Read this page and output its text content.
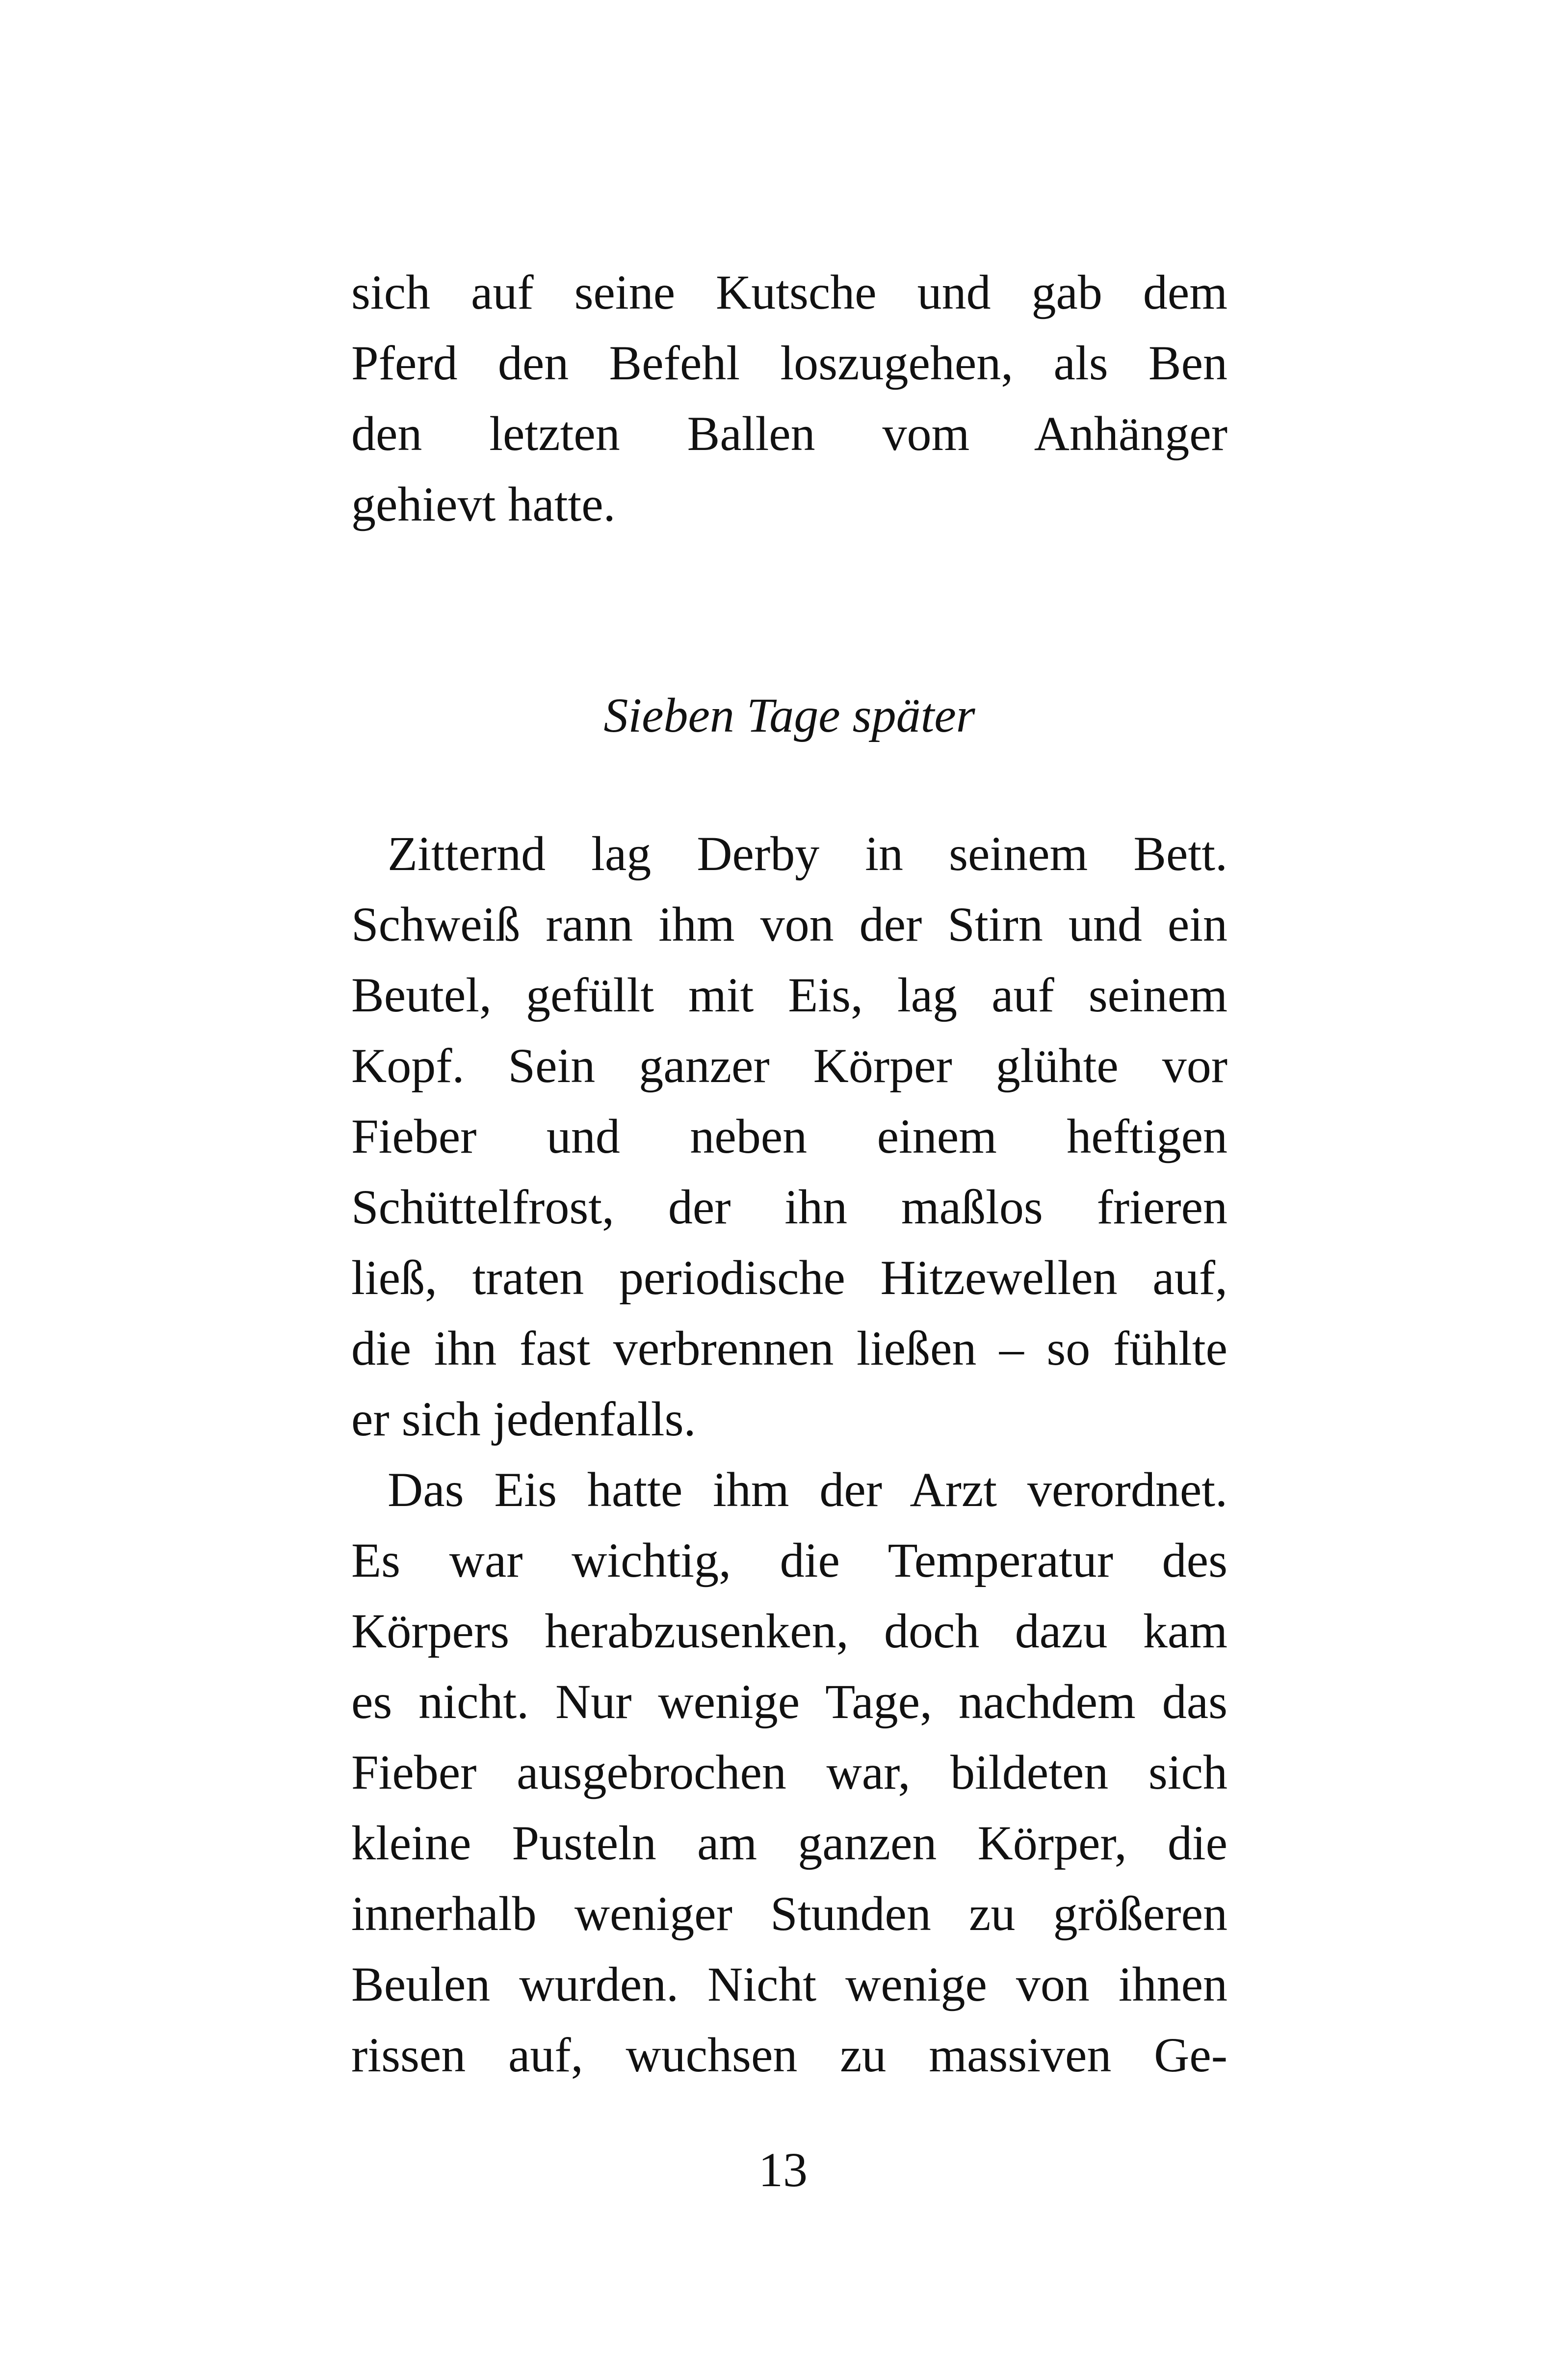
sich auf seine Kutsche und gab dem
Pferd den Befehl loszugehen, als Ben
den letzten Ballen vom Anhänger
gehievt hatte.
Sieben Tage später
Zitternd lag Derby in seinem Bett.
Schweiß rann ihm von der Stirn und ein
Beutel, gefüllt mit Eis, lag auf seinem
Kopf. Sein ganzer Körper glühte vor
Fieber und neben einem heftigen
Schüttelfrost, der ihn maßlos frieren
ließ, traten periodische Hitzewellen auf,
die ihn fast verbrennen ließen – so fühlte
er sich jedenfalls.
Das Eis hatte ihm der Arzt verordnet.
Es war wichtig, die Temperatur des
Körpers herabzusenken, doch dazu kam
es nicht. Nur wenige Tage, nachdem das
Fieber ausgebrochen war, bildeten sich
kleine Pusteln am ganzen Körper, die
innerhalb weniger Stunden zu größeren
Beulen wurden. Nicht wenige von ihnen
rissen auf, wuchsen zu massiven Ge-
13
